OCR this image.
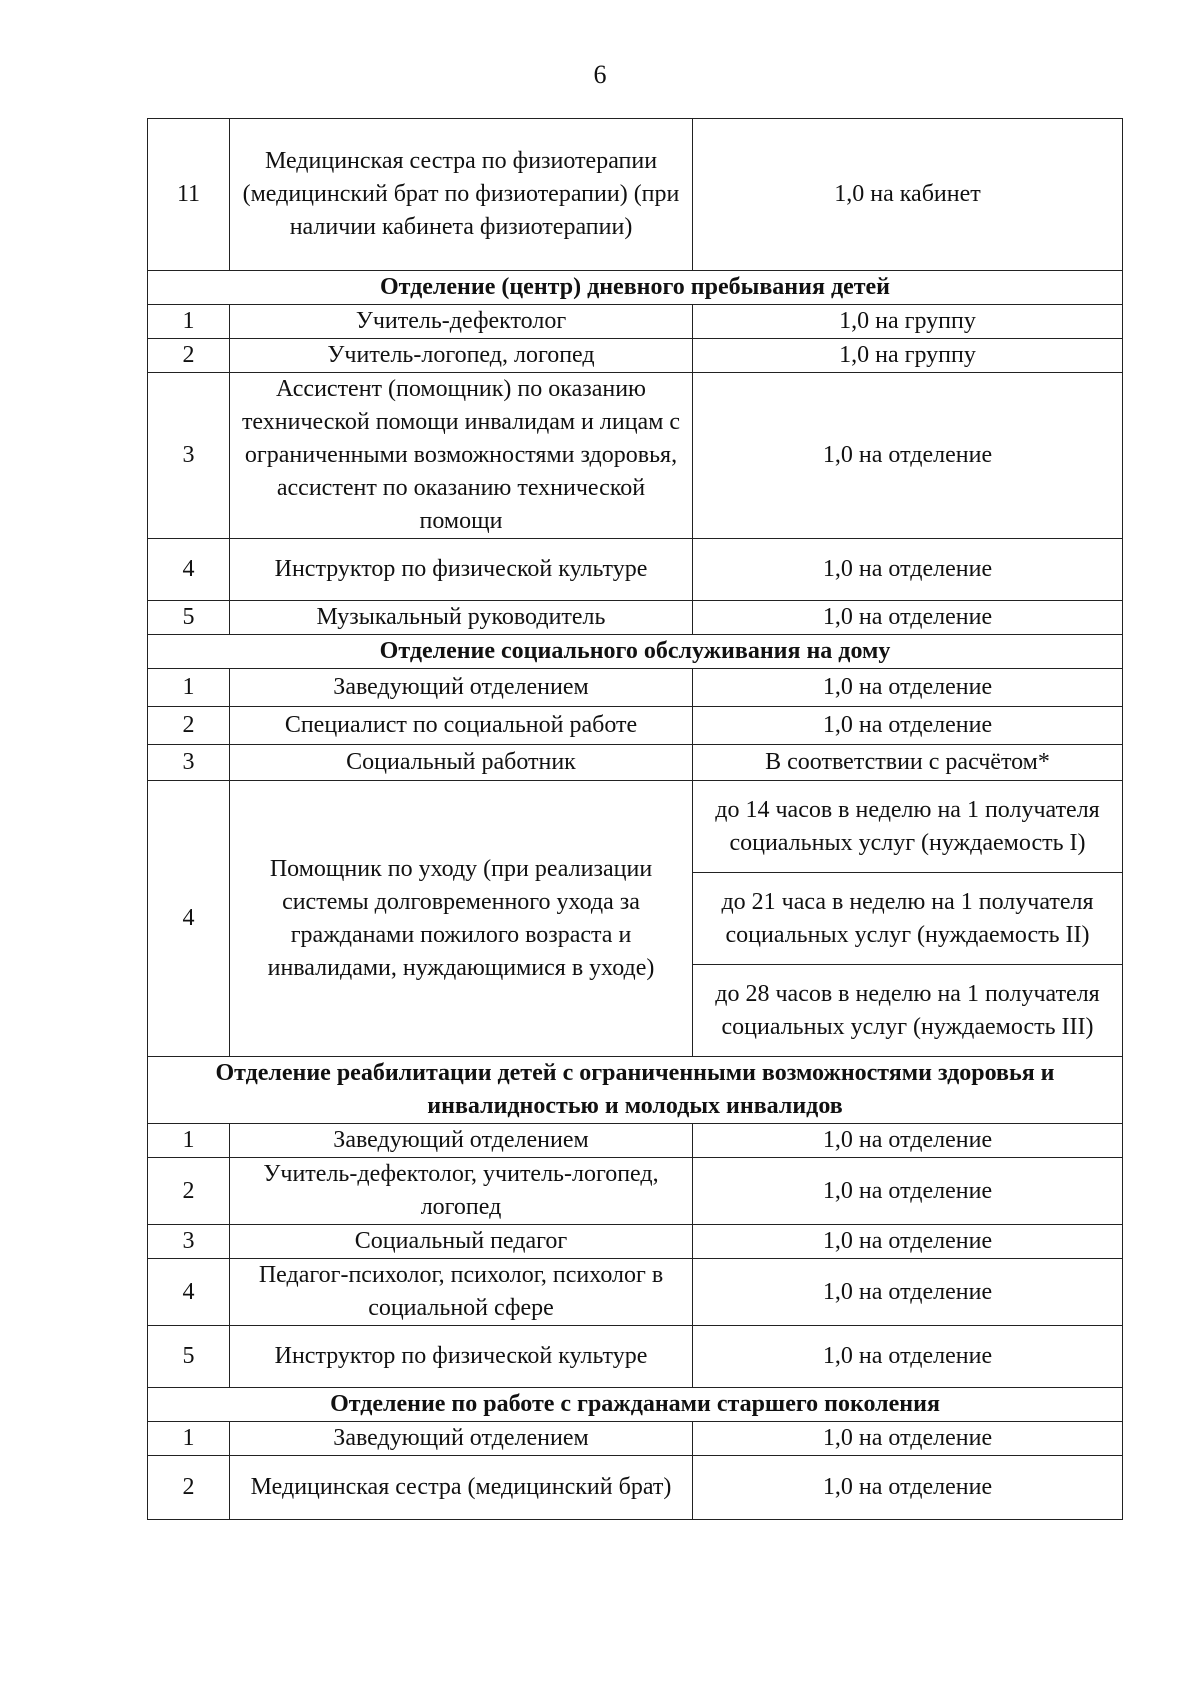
6
11	Медицинская сестра по физиотерапии (медицинский брат по физиотерапии) (при наличии кабинета физиотерапии)	1,0 на кабинет
Отделение (центр) дневного пребывания детей		
1	Учитель-дефектолог	1,0 на группу
2	Учитель-логопед, логопед	1,0 на группу
3	Ассистент (помощник) по оказанию технической помощи инвалидам и лицам с ограниченными возможностями здоровья, ассистент по оказанию технической помощи	1,0 на отделение
4	Инструктор по физической культуре	1,0 на отделение
5	Музыкальный руководитель	1,0 на отделение
Отделение социального обслуживания на дому		
1	Заведующий отделением	1,0 на отделение
2	Специалист по социальной работе	1,0 на отделение
3	Социальный работник	В соответствии с расчётом*
4	Помощник по уходу (при реализации системы долговременного ухода за гражданами пожилого возраста и инвалидами, нуждающимися в уходе)	до 14 часов в неделю на 1 получателя социальных услуг (нуждаемость I)
		до 21 часа в неделю на 1 получателя социальных услуг (нуждаемость II)
		до 28 часов в неделю на 1 получателя социальных услуг (нуждаемость III)
Отделение реабилитации детей с ограниченными возможностями здоровья и инвалидностью и молодых инвалидов		
1	Заведующий отделением	1,0 на отделение
2	Учитель-дефектолог, учитель-логопед, логопед	1,0 на отделение
3	Социальный педагог	1,0 на отделение
4	Педагог-психолог, психолог, психолог в социальной сфере	1,0 на отделение
5	Инструктор по физической культуре	1,0 на отделение
Отделение по работе с гражданами старшего поколения		
1	Заведующий отделением	1,0 на отделение
2	Медицинская сестра (медицинский брат)	1,0 на отделение
